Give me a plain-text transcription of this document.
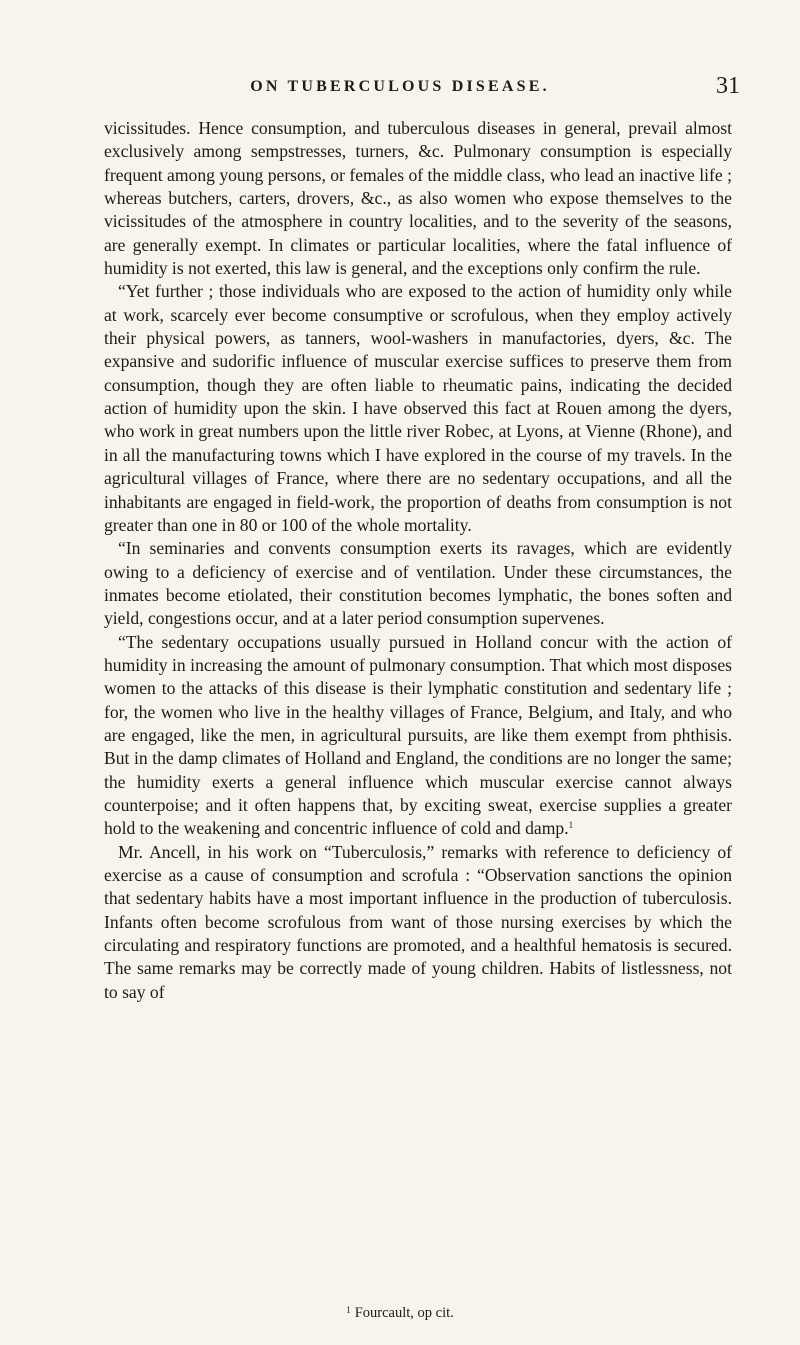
ON TUBERCULOUS DISEASE.	31

vicissitudes. Hence consumption, and tuberculous diseases in general, prevail almost exclusively among sempstresses, turners, &c. Pulmonary consumption is especially frequent among young persons, or females of the middle class, who lead an inactive life ; whereas butchers, carters, drovers, &c., as also women who expose themselves to the vicissitudes of the atmosphere in country localities, and to the severity of the seasons, are generally exempt. In climates or particular localities, where the fatal influence of humidity is not exerted, this law is general, and the exceptions only confirm the rule.

“Yet further ; those individuals who are exposed to the action of humidity only while at work, scarcely ever become consumptive or scrofulous, when they employ actively their physical powers, as tanners, wool-washers in manufactories, dyers, &c. The expansive and sudorific influence of muscular exercise suffices to preserve them from consumption, though they are often liable to rheumatic pains, indicating the decided action of humidity upon the skin. I have observed this fact at Rouen among the dyers, who work in great numbers upon the little river Robec, at Lyons, at Vienne (Rhone), and in all the manufacturing towns which I have explored in the course of my travels. In the agricultural villages of France, where there are no sedentary occupations, and all the inhabitants are engaged in field-work, the proportion of deaths from consumption is not greater than one in 80 or 100 of the whole mortality.

“In seminaries and convents consumption exerts its ravages, which are evidently owing to a deficiency of exercise and of ventilation. Under these circumstances, the inmates become etiolated, their constitution becomes lymphatic, the bones soften and yield, congestions occur, and at a later period consumption supervenes.

“The sedentary occupations usually pursued in Holland concur with the action of humidity in increasing the amount of pulmonary consumption. That which most disposes women to the attacks of this disease is their lymphatic constitution and sedentary life ; for, the women who live in the healthy villages of France, Belgium, and Italy, and who are engaged, like the men, in agricultural pursuits, are like them exempt from phthisis. But in the damp climates of Holland and England, the conditions are no longer the same; the humidity exerts a general influence which muscular exercise cannot always counterpoise; and it often happens that, by exciting sweat, exercise supplies a greater hold to the weakening and concentric influence of cold and damp.$^1$

Mr. Ancell, in his work on “Tuberculosis,” remarks with reference to deficiency of exercise as a cause of consumption and scrofula : “Observation sanctions the opinion that sedentary habits have a most important influence in the production of tuberculosis. Infants often become scrofulous from want of those nursing exercises by which the circulating and respiratory functions are promoted, and a healthful hematosis is secured. The same remarks may be correctly made of young children. Habits of listlessness, not to say of

$^1$ Fourcault, op cit.
